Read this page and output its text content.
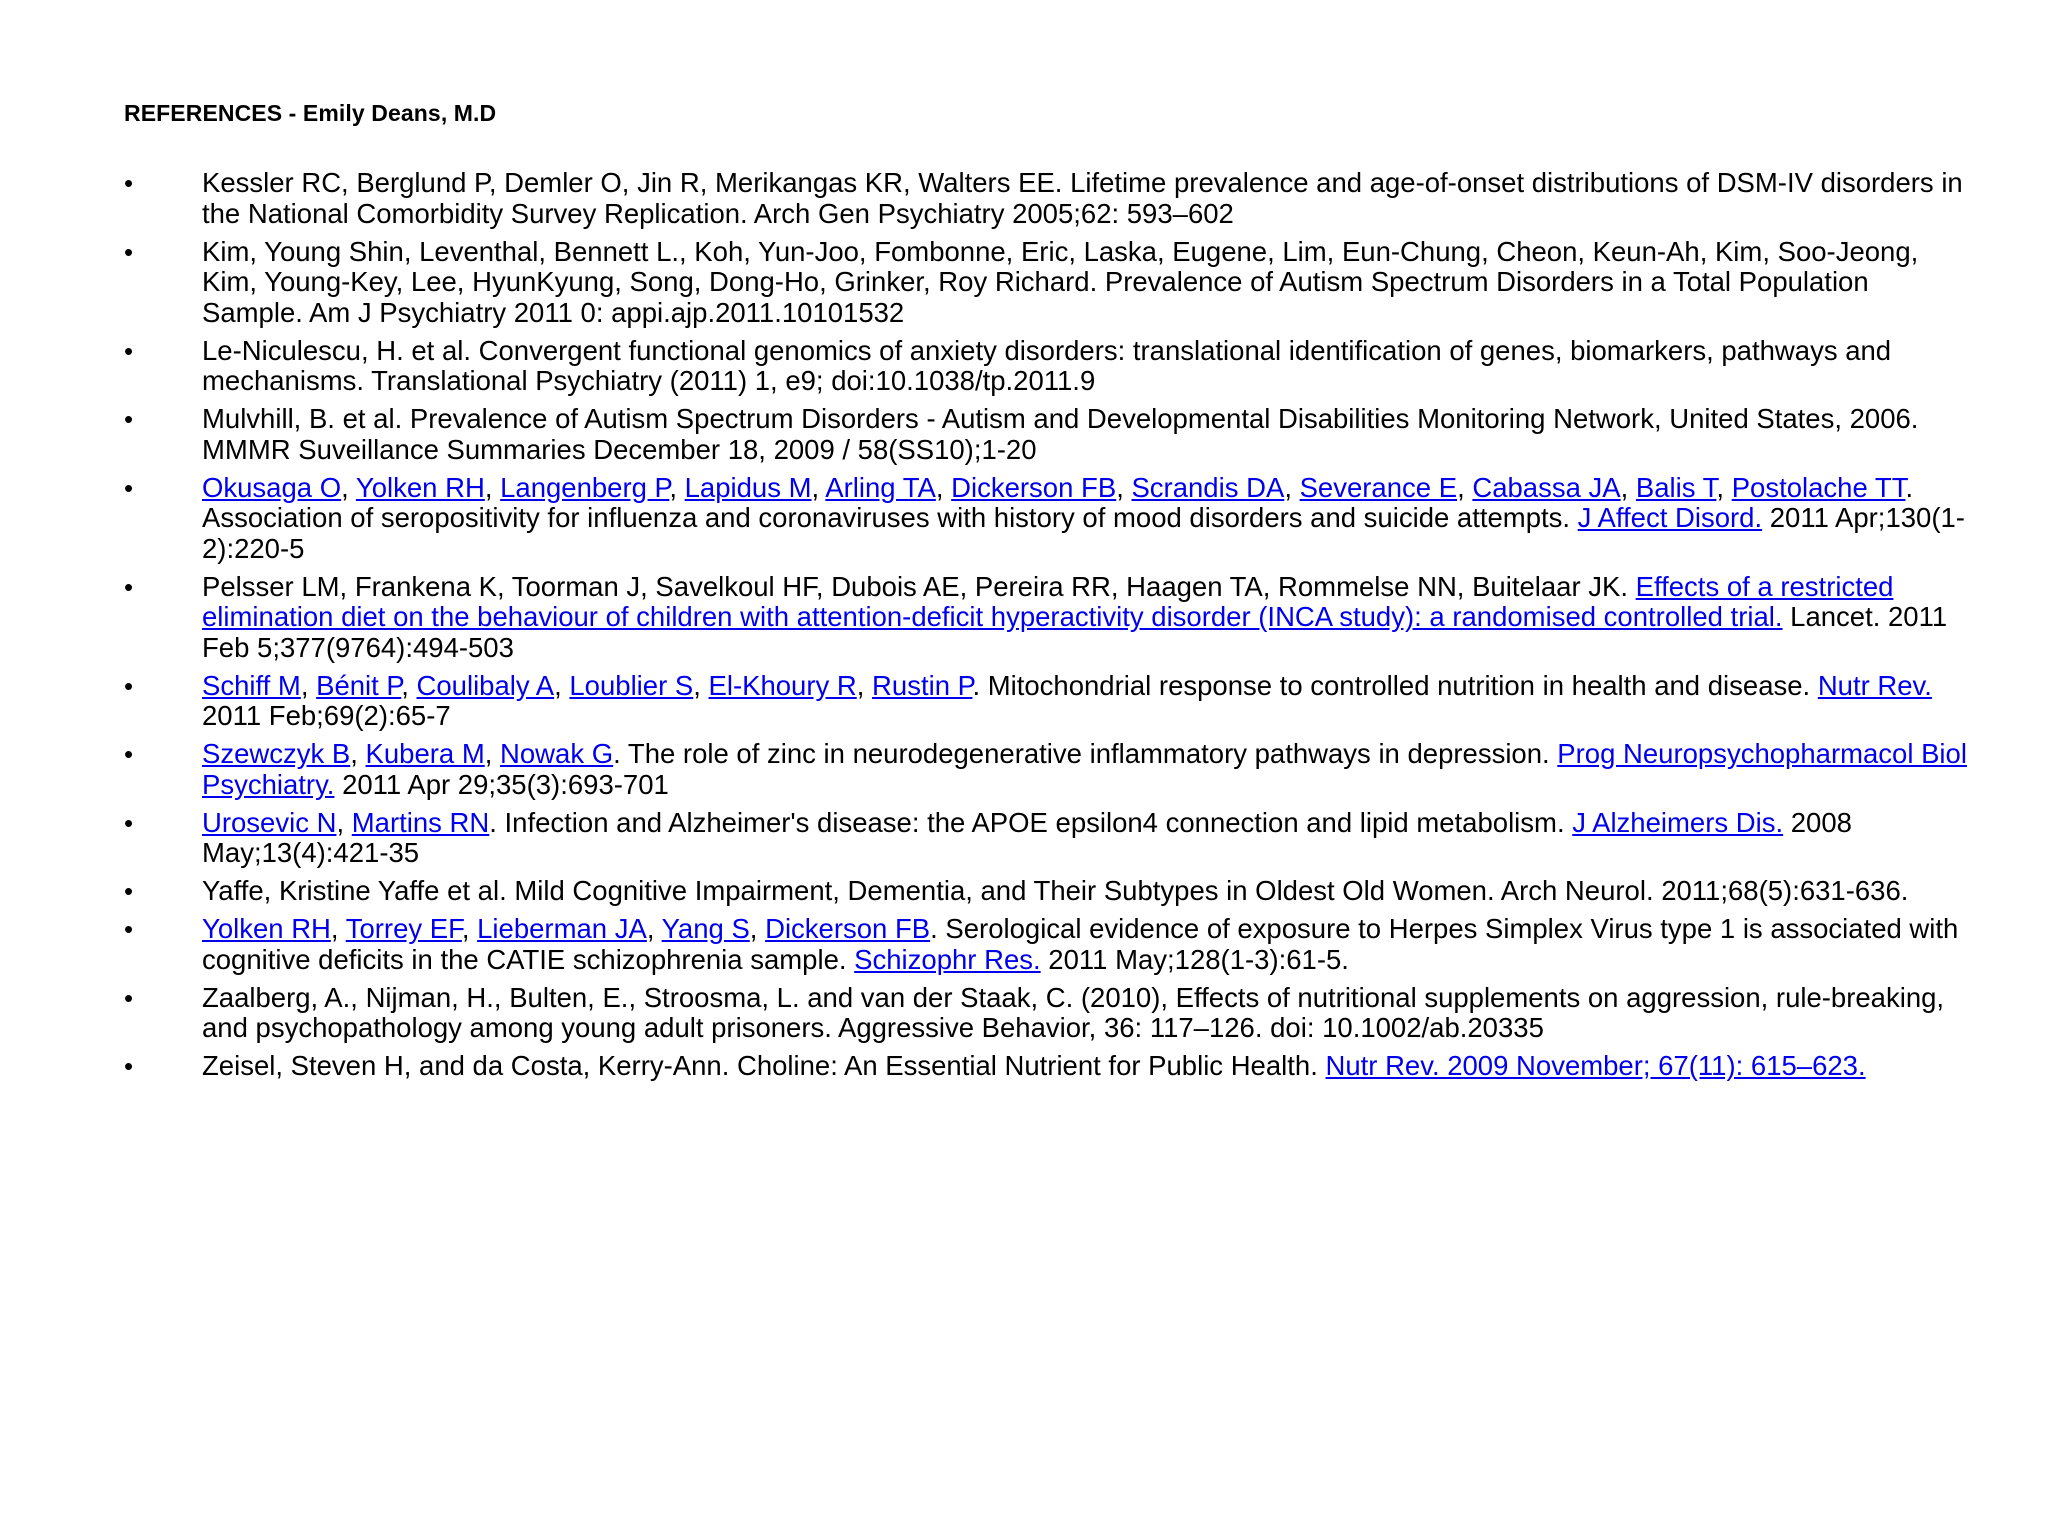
REFERENCES - Emily Deans, M.D
•	Kessler RC, Berglund P, Demler O, Jin R, Merikangas KR, Walters EE. Lifetime prevalence and age-of-onset distributions of DSM-IV disorders in the National Comorbidity Survey Replication. Arch Gen Psychiatry 2005;62: 593–602
•	Kim, Young Shin, Leventhal, Bennett L., Koh, Yun-Joo, Fombonne, Eric, Laska, Eugene, Lim, Eun-Chung, Cheon, Keun-Ah, Kim, Soo-Jeong, Kim, Young-Key, Lee, HyunKyung, Song, Dong-Ho, Grinker, Roy Richard. Prevalence of Autism Spectrum Disorders in a Total Population Sample. Am J Psychiatry 2011 0: appi.ajp.2011.10101532
•	Le-Niculescu, H. et al. Convergent functional genomics of anxiety disorders: translational identification of genes, biomarkers, pathways and mechanisms. Translational Psychiatry (2011) 1, e9; doi:10.1038/tp.2011.9
•	Mulvhill, B. et al. Prevalence of Autism Spectrum Disorders - Autism and Developmental Disabilities Monitoring Network, United States, 2006. MMMR Suveillance Summaries December 18, 2009 / 58(SS10);1-20
•	Okusaga O, Yolken RH, Langenberg P, Lapidus M, Arling TA, Dickerson FB, Scrandis DA, Severance E, Cabassa JA, Balis T, Postolache TT. Association of seropositivity for influenza and coronaviruses with history of mood disorders and suicide attempts. J Affect Disord. 2011 Apr;130(1-2):220-5
•	Pelsser LM, Frankena K, Toorman J, Savelkoul HF, Dubois AE, Pereira RR, Haagen TA, Rommelse NN, Buitelaar JK. Effects of a restricted elimination diet on the behaviour of children with attention-deficit hyperactivity disorder (INCA study): a randomised controlled trial. Lancet. 2011 Feb 5;377(9764):494-503
•	Schiff M, Bénit P, Coulibaly A, Loublier S, El-Khoury R, Rustin P. Mitochondrial response to controlled nutrition in health and disease. Nutr Rev. 2011 Feb;69(2):65-7
•	Szewczyk B, Kubera M, Nowak G. The role of zinc in neurodegenerative inflammatory pathways in depression. Prog Neuropsychopharmacol Biol Psychiatry. 2011 Apr 29;35(3):693-701
•	Urosevic N, Martins RN. Infection and Alzheimer's disease: the APOE epsilon4 connection and lipid metabolism. J Alzheimers Dis. 2008 May;13(4):421-35
•	Yaffe, Kristine Yaffe et al. Mild Cognitive Impairment, Dementia, and Their Subtypes in Oldest Old Women. Arch Neurol. 2011;68(5):631-636.
•	Yolken RH, Torrey EF, Lieberman JA, Yang S, Dickerson FB. Serological evidence of exposure to Herpes Simplex Virus type 1 is associated with cognitive deficits in the CATIE schizophrenia sample. Schizophr Res. 2011 May;128(1-3):61-5.
•	Zaalberg, A., Nijman, H., Bulten, E., Stroosma, L. and van der Staak, C. (2010), Effects of nutritional supplements on aggression, rule-breaking, and psychopathology among young adult prisoners. Aggressive Behavior, 36: 117–126. doi: 10.1002/ab.20335
•	Zeisel, Steven H, and da Costa, Kerry-Ann. Choline: An Essential Nutrient for Public Health. Nutr Rev. 2009 November; 67(11): 615–623.
